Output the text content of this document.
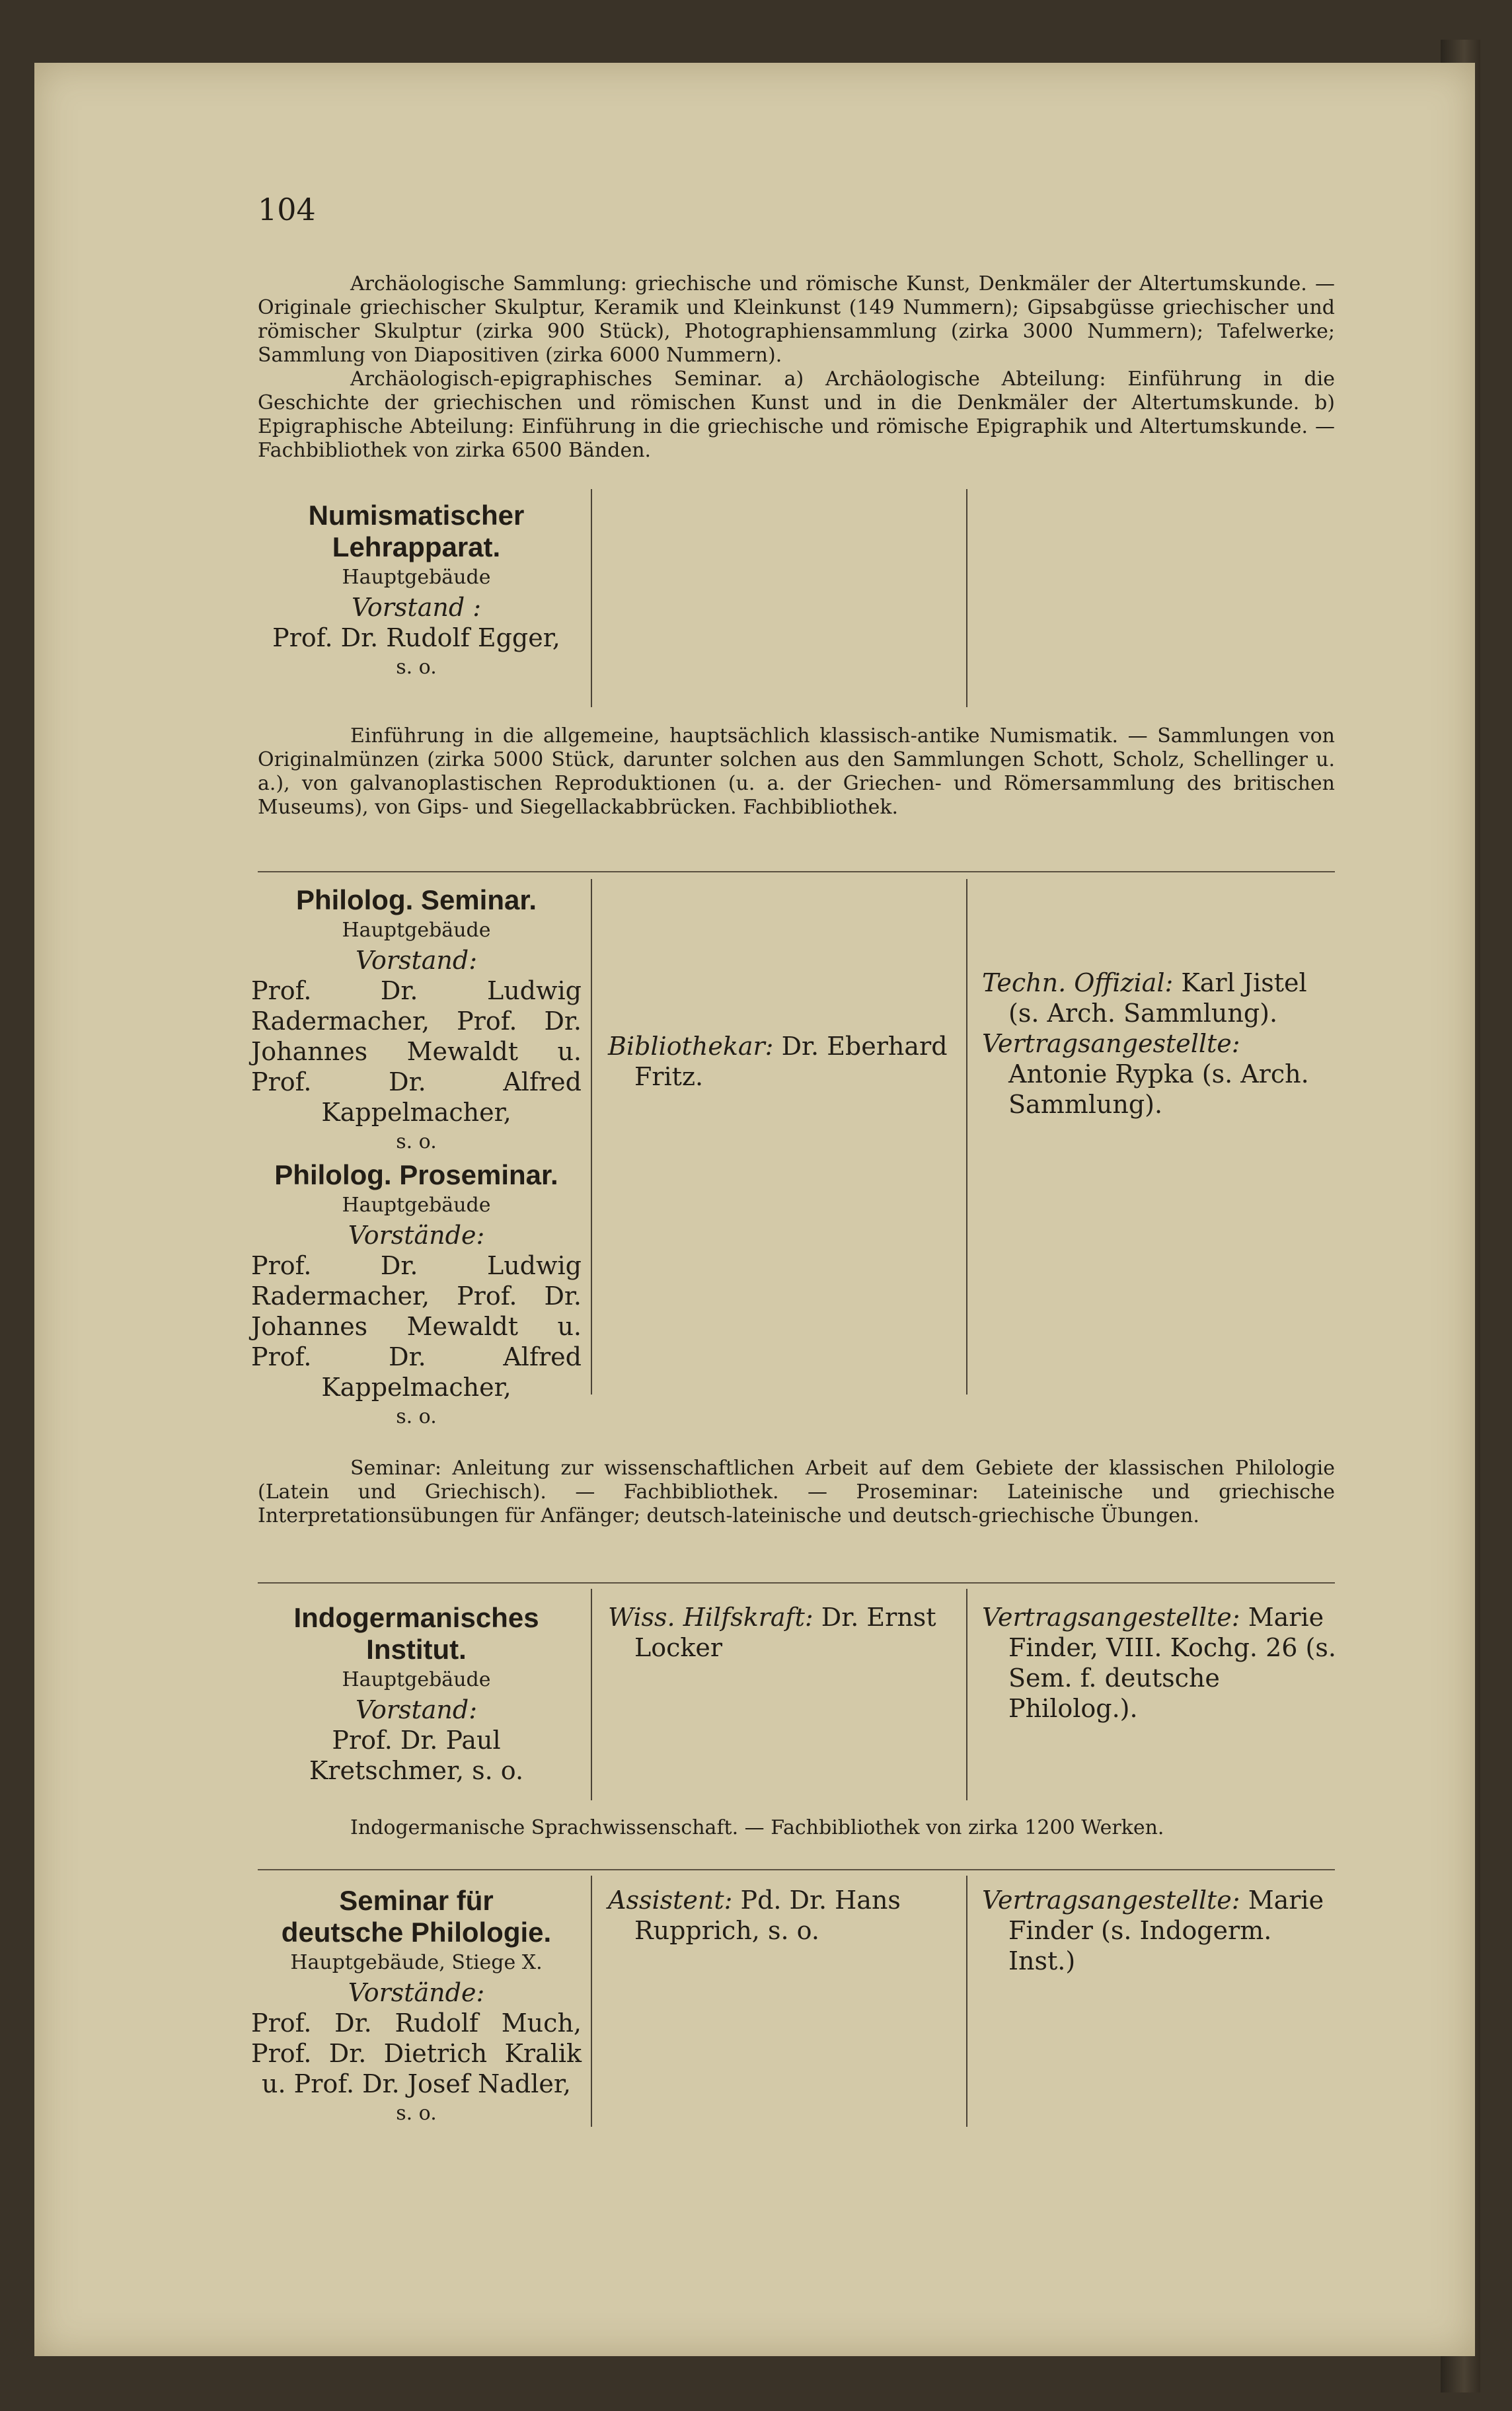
104

Archäologische Sammlung: griechische und römische Kunst, Denkmäler der Altertumskunde. — Originale griechischer Skulptur, Keramik und Kleinkunst (149 Nummern); Gipsabgüsse griechischer und römischer Skulptur (zirka 900 Stück), Photographiensammlung (zirka 3000 Nummern); Tafelwerke; Sammlung von Diapositiven (zirka 6000 Nummern).

Archäologisch-epigraphisches Seminar. a) Archäologische Abteilung: Einführung in die Geschichte der griechischen und römischen Kunst und in die Denkmäler der Altertumskunde. b) Epigraphische Abteilung: Einführung in die griechische und römische Epigraphik und Altertumskunde. — Fachbibliothek von zirka 6500 Bänden.

Numismatischer
Lehrapparat.
Hauptgebäude
Vorstand :
Prof. Dr. Rudolf Egger,
s. o.

Einführung in die allgemeine, hauptsächlich klassisch-antike Numismatik. — Sammlungen von Originalmünzen (zirka 5000 Stück, darunter solchen aus den Sammlungen Schott, Scholz, Schellinger u. a.), von galvanoplastischen Reproduktionen (u. a. der Griechen- und Römersammlung des britischen Museums), von Gips- und Siegellackabbrücken. Fachbibliothek.

Philolog. Seminar.
Hauptgebäude
Vorstand:
Prof. Dr. Ludwig Radermacher, Prof. Dr. Johannes Mewaldt u. Prof. Dr. Alfred Kappelmacher,
s. o.
Philolog. Proseminar.
Hauptgebäude
Vorstände:
Prof. Dr. Ludwig Radermacher, Prof. Dr. Johannes Mewaldt u. Prof. Dr. Alfred Kappelmacher,
s. o.
Bibliothekar: Dr. Eberhard Fritz.
Techn. Offizial: Karl Jistel (s. Arch. Sammlung).
Vertragsangestellte: Antonie Rypka (s. Arch. Sammlung).

Seminar: Anleitung zur wissenschaftlichen Arbeit auf dem Gebiete der klassischen Philologie (Latein und Griechisch). — Fachbibliothek. — Proseminar: Lateinische und griechische Interpretationsübungen für Anfänger; deutsch-lateinische und deutsch-griechische Übungen.

Indogermanisches
Institut.
Hauptgebäude
Vorstand:
Prof. Dr. Paul Kretschmer, s. o.
Wiss. Hilfskraft: Dr. Ernst Locker
Vertragsangestellte: Marie Finder, VIII. Kochg. 26 (s. Sem. f. deutsche Philolog.).

Indogermanische Sprachwissenschaft. — Fachbibliothek von zirka 1200 Werken.

Seminar für
deutsche Philologie.
Hauptgebäude, Stiege X.
Vorstände:
Prof. Dr. Rudolf Much, Prof. Dr. Dietrich Kralik u. Prof. Dr. Josef Nadler,
s. o.
Assistent: Pd. Dr. Hans Rupprich, s. o.
Vertragsangestellte: Marie Finder (s. Indogerm. Inst.)
